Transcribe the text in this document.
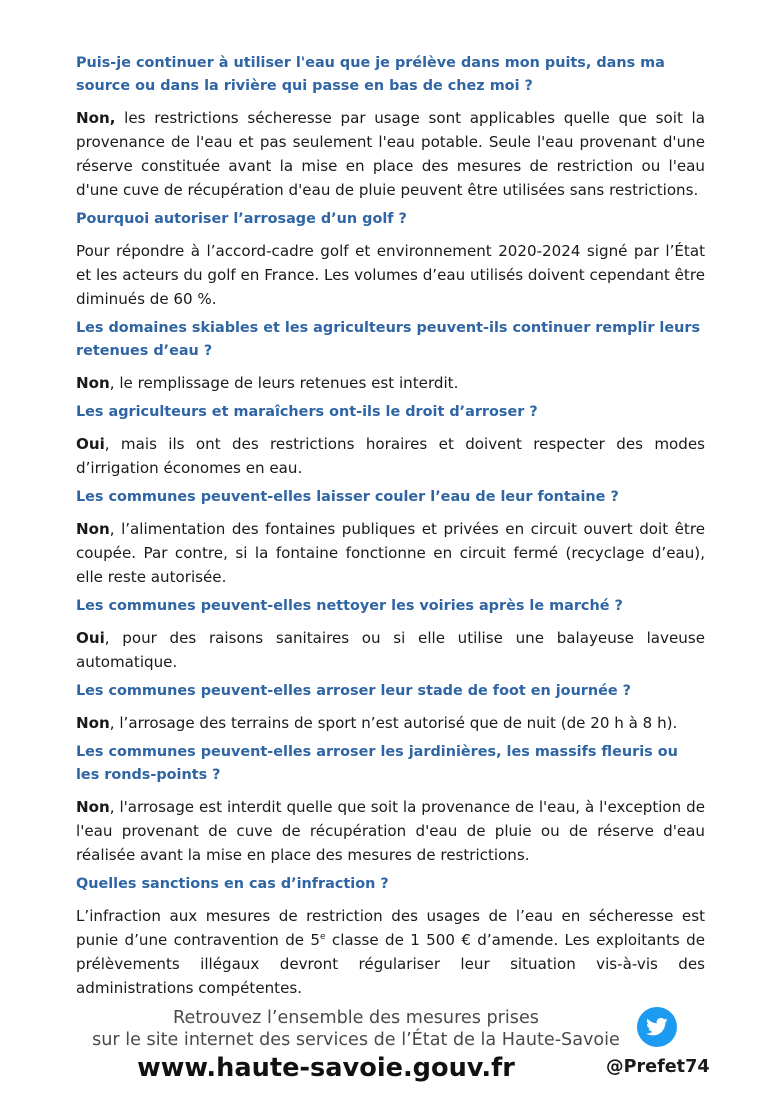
Puis-je continuer à utiliser l'eau que je prélève dans mon puits, dans ma source ou dans la rivière qui passe en bas de chez moi ?

Non, les restrictions sécheresse par usage sont applicables quelle que soit la provenance de l'eau et pas seulement l'eau potable. Seule l'eau provenant d'une réserve constituée avant la mise en place des mesures de restriction ou l'eau d'une cuve de récupération d'eau de pluie peuvent être utilisées sans restrictions.

Pourquoi autoriser l’arrosage d’un golf ?

Pour répondre à l’accord-cadre golf et environnement 2020-2024 signé par l’État et les acteurs du golf en France. Les volumes d’eau utilisés doivent cependant être diminués de 60 %.

Les domaines skiables et les agriculteurs peuvent-ils continuer remplir leurs retenues d’eau ?

Non, le remplissage de leurs retenues est interdit.

Les agriculteurs et maraîchers ont-ils le droit d’arroser ?

Oui, mais ils ont des restrictions horaires et doivent respecter des modes d’irrigation économes en eau.

Les communes peuvent-elles laisser couler l’eau de leur fontaine ?

Non, l’alimentation des fontaines publiques et privées en circuit ouvert doit être coupée. Par contre, si la fontaine fonctionne en circuit fermé (recyclage d’eau), elle reste autorisée.

Les communes peuvent-elles nettoyer les voiries après le marché ?

Oui, pour des raisons sanitaires ou si elle utilise une balayeuse laveuse automatique.

Les communes peuvent-elles arroser leur stade de foot en journée ?

Non, l’arrosage des terrains de sport n’est autorisé que de nuit (de 20 h à 8 h).

Les communes peuvent-elles arroser les jardinières, les massifs fleuris ou les ronds-points ?

Non, l'arrosage est interdit quelle que soit la provenance de l'eau, à l'exception de l'eau provenant de cuve de récupération d'eau de pluie ou de réserve d'eau réalisée avant la mise en place des mesures de restrictions.

Quelles sanctions en cas d’infraction ?

L’infraction aux mesures de restriction des usages de l’eau en sécheresse est punie d’une contravention de 5e classe de 1 500 € d’amende. Les exploitants de prélèvements illégaux devront régulariser leur situation vis-à-vis des administrations compétentes.

Retrouvez l’ensemble des mesures prises
sur le site internet des services de l’État de la Haute-Savoie
www.haute-savoie.gouv.fr	@Prefet74
